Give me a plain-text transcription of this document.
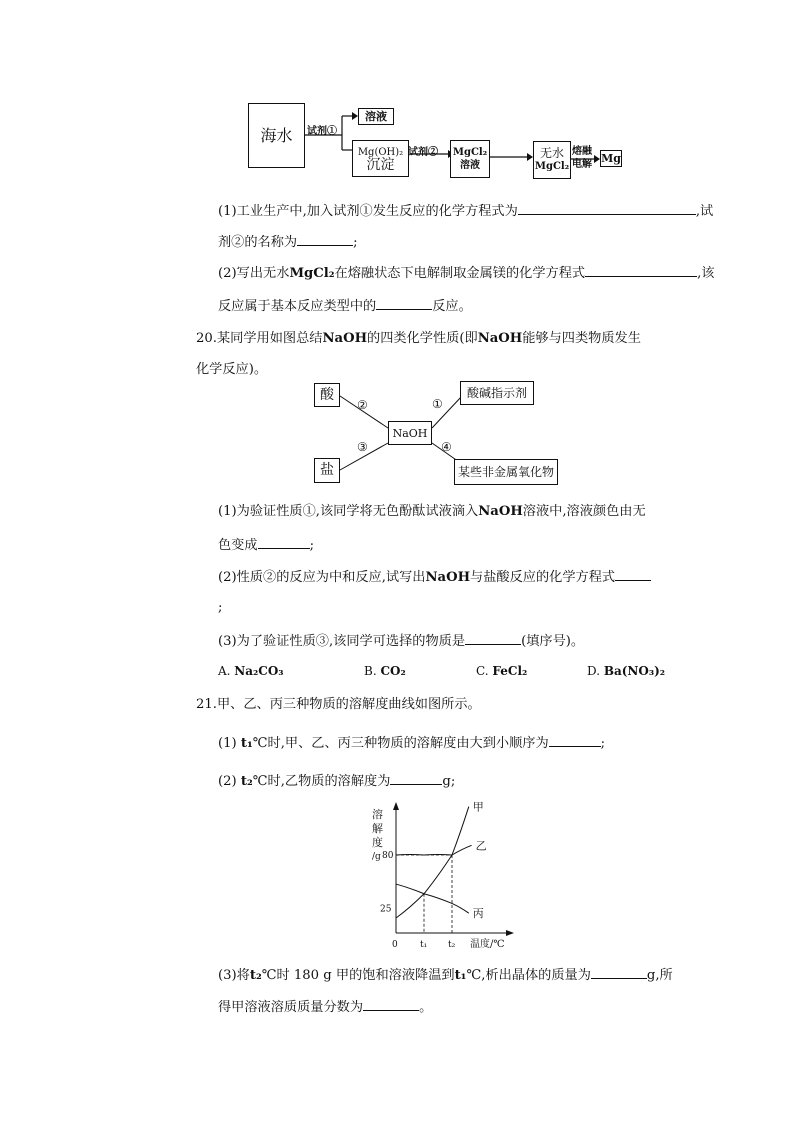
海水 试剂①
溶液
Mg(OH)₂
沉淀
试剂② MgCl₂
溶液
无水
MgCl₂
熔融
电解 Mg
(1)工业生产中,加入试剂①发生反应的化学方程式为	,试
剂②的名称为	;
(2)写出无水MgCl₂在熔融状态下电解制取金属镁的化学方程式	,该
反应属于基本反应类型中的	反应。
20.某同学用如图总结NaOH的四类化学性质(即NaOH能够与四类物质发生
化学反应)。
酸
盐
酸碱指示剂
某些非金属氧化物
NaOH
②	①
③	④
(1)为验证性质①,该同学将无色酚酞试液滴入NaOH溶液中,溶液颜色由无
色变成	;
(2)性质②的反应为中和反应,试写出NaOH与盐酸反应的化学方程式
;
(3)为了验证性质③,该同学可选择的物质是	(填序号)。
A. Na₂CO₃	B. CO₂	C. FeCl₂	D. Ba(NO₃)₂
21.甲、乙、丙三种物质的溶解度曲线如图所示。
(1) t₁℃时,甲、乙、丙三种物质的溶解度由大到小顺序为	;
(2) t₂℃时,乙物质的溶解度为	g;
甲
乙
丙
溶
解
度
/g 80
25
0 t₁ t₂ 温度/℃
(3)将t₂℃时 180 g 甲的饱和溶液降温到t₁℃,析出晶体的质量为	g,所
得甲溶液溶质质量分数为	。
